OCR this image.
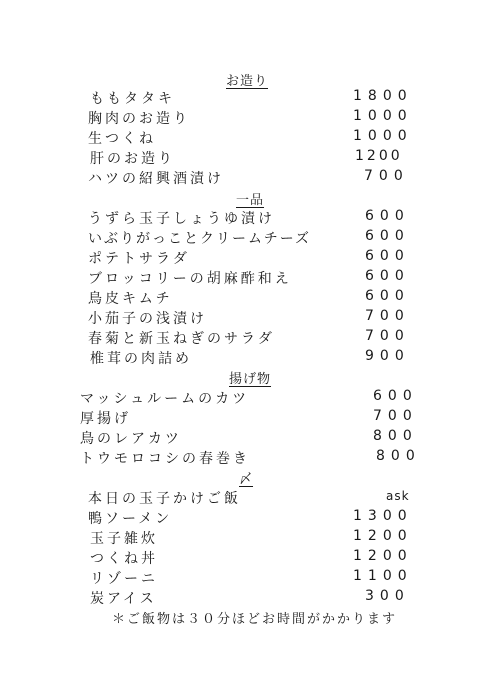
お造り
ももタタキ	1800
胸肉のお造り	1000
生つくね	1000
肝のお造り	1200
ハツの紹興酒漬け	700
一品
うずら玉子しょうゆ漬け	600
いぶりがっことクリームチーズ	600
ポテトサラダ	600
ブロッコリーの胡麻酢和え	600
鳥皮キムチ	600
小茄子の浅漬け	700
春菊と新玉ねぎのサラダ	700
椎茸の肉詰め	900
揚げ物
マッシュルームのカツ	600
厚揚げ	700
鳥のレアカツ	800
トウモロコシの春巻き	800
〆
本日の玉子かけご飯	ask
鴨ソーメン	1300
玉子雑炊	1200
つくね丼	1200
リゾーニ	1100
炭アイス	300
＊ご飯物は３０分ほどお時間がかかります
